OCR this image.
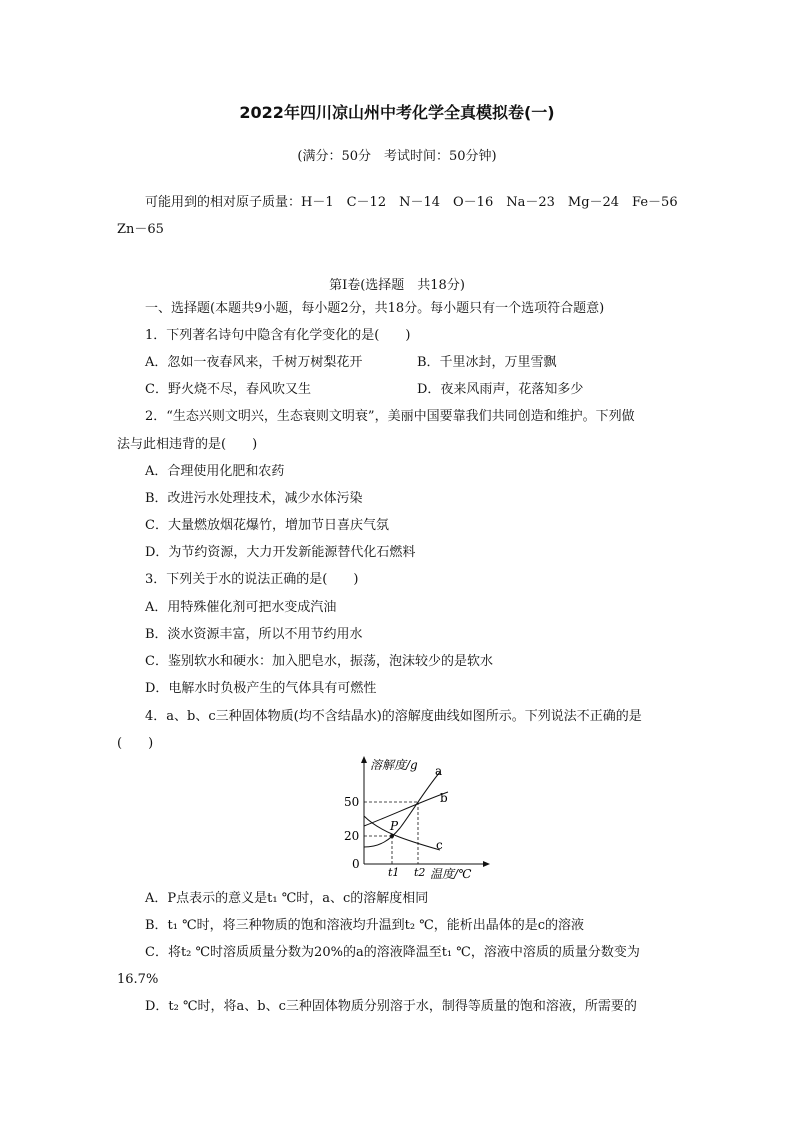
2022年四川凉山州中考化学全真模拟卷(一)
(满分：50分　考试时间：50分钟)
可能用到的相对原子质量：H－1　C－12　N－14　O－16　Na－23　Mg－24　Fe－56
Zn－65
第Ⅰ卷(选择题　共18分)
一、选择题(本题共9小题，每小题2分，共18分。每小题只有一个选项符合题意)
1．下列著名诗句中隐含有化学变化的是(　　)
A．忽如一夜春风来，千树万树梨花开	B．千里冰封，万里雪飘
C．野火烧不尽，春风吹又生	D．夜来风雨声，花落知多少
2．“生态兴则文明兴，生态衰则文明衰”，美丽中国要靠我们共同创造和维护。下列做
法与此相违背的是(　　)
A．合理使用化肥和农药
B．改进污水处理技术，减少水体污染
C．大量燃放烟花爆竹，增加节日喜庆气氛
D．为节约资源，大力开发新能源替代化石燃料
3．下列关于水的说法正确的是(　　)
A．用特殊催化剂可把水变成汽油
B．淡水资源丰富，所以不用节约用水
C．鉴别软水和硬水：加入肥皂水，振荡，泡沫较少的是软水
D．电解水时负极产生的气体具有可燃性
4．a、b、c三种固体物质(均不含结晶水)的溶解度曲线如图所示。下列说法不正确的是
(　　)
溶解度/g
温度/℃
50
20
0
t1 t2
P
a
b
c
A．P点表示的意义是t₁ ℃时，a、c的溶解度相同
B．t₁ ℃时，将三种物质的饱和溶液均升温到t₂ ℃，能析出晶体的是c的溶液
C．将t₂ ℃时溶质质量分数为20%的a的溶液降温至t₁ ℃，溶液中溶质的质量分数变为
16.7%
D．t₂ ℃时，将a、b、c三种固体物质分别溶于水，制得等质量的饱和溶液，所需要的
